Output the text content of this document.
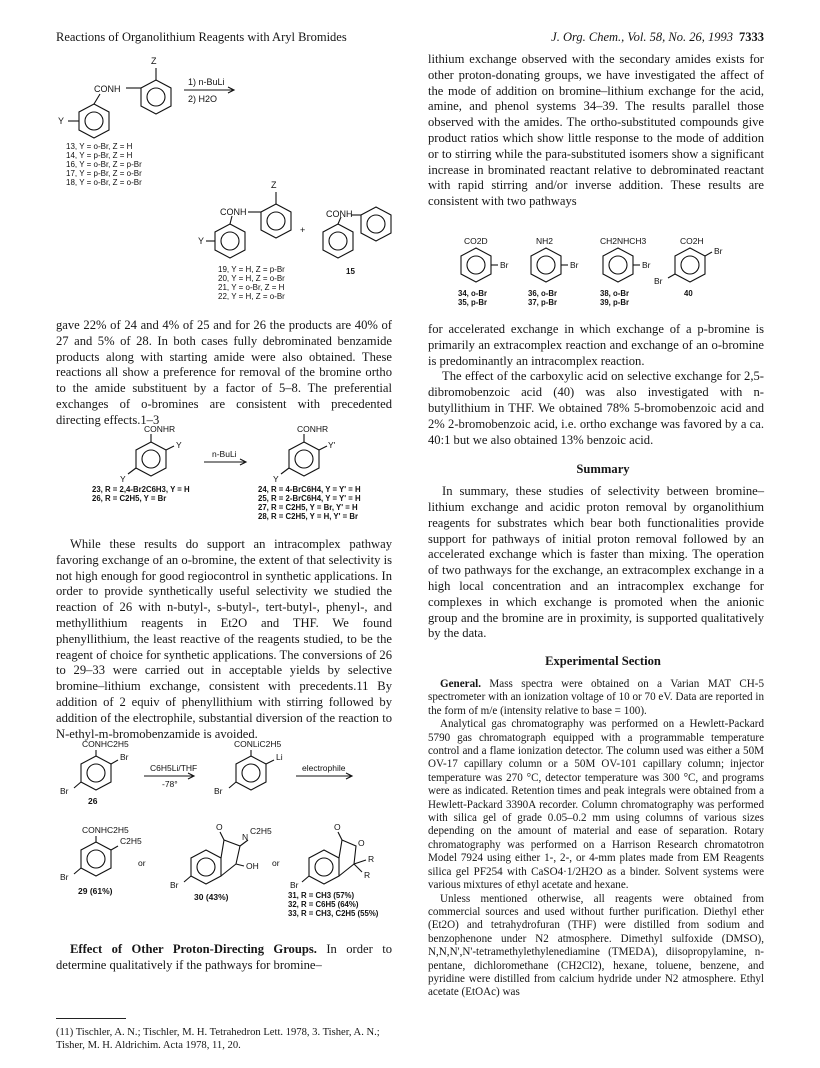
Reactions of Organolithium Reagents with Aryl Bromides	J. Org. Chem., Vol. 58, No. 26, 1993 7333
Z
CONH
Y
1) n-BuLi
2) H2O
13, Y = o-Br, Z = H
14, Y = p-Br, Z = H
16, Y = o-Br, Z = p-Br
17, Y = p-Br, Z = o-Br
18, Y = o-Br, Z = o-Br	Z
CONH
Y
+
CONH
15
19, Y = H, Z = p-Br
20, Y = H, Z = o-Br
21, Y = o-Br, Z = H
22, Y = H, Z = o-Br

gave 22% of 24 and 4% of 25 and for 26 the products are 40% of 27 and 5% of 28. In both cases fully debrominated benzamide products along with starting amide were also obtained. These reactions all show a preference for removal of the bromine ortho to the amide substituent by a factor of 5–8. The preferential exchanges of o-bromines are consistent with precedented directing effects.1–3

CONHR
Y
Y
n-BuLi
CONHR
Y'
Y
23, R = 2,4-Br2C6H3, Y = H
26, R = C2H5, Y = Br
24, R = 4-BrC6H4, Y = Y' = H
25, R = 2-BrC6H4, Y = Y' = H
27, R = C2H5, Y = Br, Y' = H
28, R = C2H5, Y = H, Y' = Br

While these results do support an intracomplex pathway favoring exchange of an o-bromine, the extent of that selectivity is not high enough for good regiocontrol in synthetic applications. In order to provide synthetically useful selectivity we studied the reaction of 26 with n-butyl-, s-butyl-, tert-butyl-, phenyl-, and methyllithium reagents in Et2O and THF. We found phenyllithium, the least reactive of the reagents studied, to be the reagent of choice for synthetic applications. The conversions of 26 to 29–33 were carried out in acceptable yields by selective bromine–lithium exchange, consistent with precedents.11 By addition of 2 equiv of phenyllithium with stirring followed by addition of the electrophile, substantial diversion of the reaction to N-ethyl-m-bromobenzamide is avoided.

CONHC2H5
Br
Br
26
C6H5Li/THF
-78°
CONLiC2H5
Li
Br
electrophile
CONHC2H5
C2H5
Br
29 (61%)
or
O
N
C2H5
OH
Br
30 (43%)
or
O
O
R
R
Br
31, R = CH3 (57%)
32, R = C6H5 (64%)
33, R = CH3, C2H5 (55%)

Effect of Other Proton-Directing Groups. In order to determine qualitatively if the pathways for bromine–

(11) Tischler, A. N.; Tischler, M. H. Tetrahedron Lett. 1978, 3. Tisher, A. N.; Tisher, M. H. Aldrichim. Acta 1978, 11, 20.

lithium exchange observed with the secondary amides exists for other proton-donating groups, we have investigated the affect of the mode of addition on bromine–lithium exchange for the acid, amine, and phenol systems 34–39. The results parallel those observed with the amides. The ortho-substituted compounds give product ratios which show little response to the mode of addition or to stirring while the para-substituted isomers show a significant increase in brominated reactant relative to debrominated reactant with rapid stirring and/or inverse addition. These results are consistent with two pathways

CO2D	NH2	CH2NHCH3	CO2H
Br	Br	Br
Br
Br
34, o-Br
35, p-Br
36, o-Br
37, p-Br
38, o-Br
39, p-Br
40

for accelerated exchange in which exchange of a p-bromine is primarily an extracomplex reaction and exchange of an o-bromine is predominantly an intracomplex reaction.

The effect of the carboxylic acid on selective exchange for 2,5-dibromobenzoic acid (40) was also investigated with n-butyllithium in THF. We obtained 78% 5-bromobenzoic acid and 2% 2-bromobenzoic acid, i.e. ortho exchange was favored by a ca. 40:1 but we also obtained 13% benzoic acid.

Summary

In summary, these studies of selectivity between bromine–lithium exchange and acidic proton removal by organolithium reagents for substrates which bear both functionalities provide support for pathways of initial proton removal followed by an accelerated exchange which is faster than mixing. The operation of two pathways for the exchange, an extracomplex exchange in a high local concentration and an intracomplex exchange for complexes in which exchange is promoted when the anionic group and the bromine are in proximity, is supported qualitatively by the data.

Experimental Section

General. Mass spectra were obtained on a Varian MAT CH-5 spectrometer with an ionization voltage of 10 or 70 eV. Data are reported in the form of m/e (intensity relative to base = 100).

Analytical gas chromatography was performed on a Hewlett-Packard 5790 gas chromatograph equipped with a programmable temperature control and a flame ionization detector. The column used was either a 50M OV-17 capillary column or a 50M OV-101 capillary column; injector temperature was 270 °C, detector temperature was 300 °C, and programs were as indicated. Retention times and peak integrals were obtained from a Hewlett-Packard 3390A recorder. Column chromatography was performed with silica gel of grade 0.05–0.2 mm using columns of various sizes depending on the amount of material and ease of separation. Rotary chromatography was performed on a Harrison Research chromatotron Model 7924 using either 1-, 2-, or 4-mm plates made from EM Reagents silica gel PF254 with CaSO4·1/2H2O as a binder. Solvent systems were various mixtures of ethyl acetate and hexane.

Unless mentioned otherwise, all reagents were obtained from commercial sources and used without further purification. Diethyl ether (Et2O) and tetrahydrofuran (THF) were distilled from sodium and benzophenone under N2 atmosphere. Dimethyl sulfoxide (DMSO), N,N,N',N'-tetramethylethylenediamine (TMEDA), diisopropylamine, n-pentane, dichloromethane (CH2Cl2), hexane, toluene, benzene, and pyridine were distilled from calcium hydride under N2 atmosphere. Ethyl acetate (EtOAc) was
